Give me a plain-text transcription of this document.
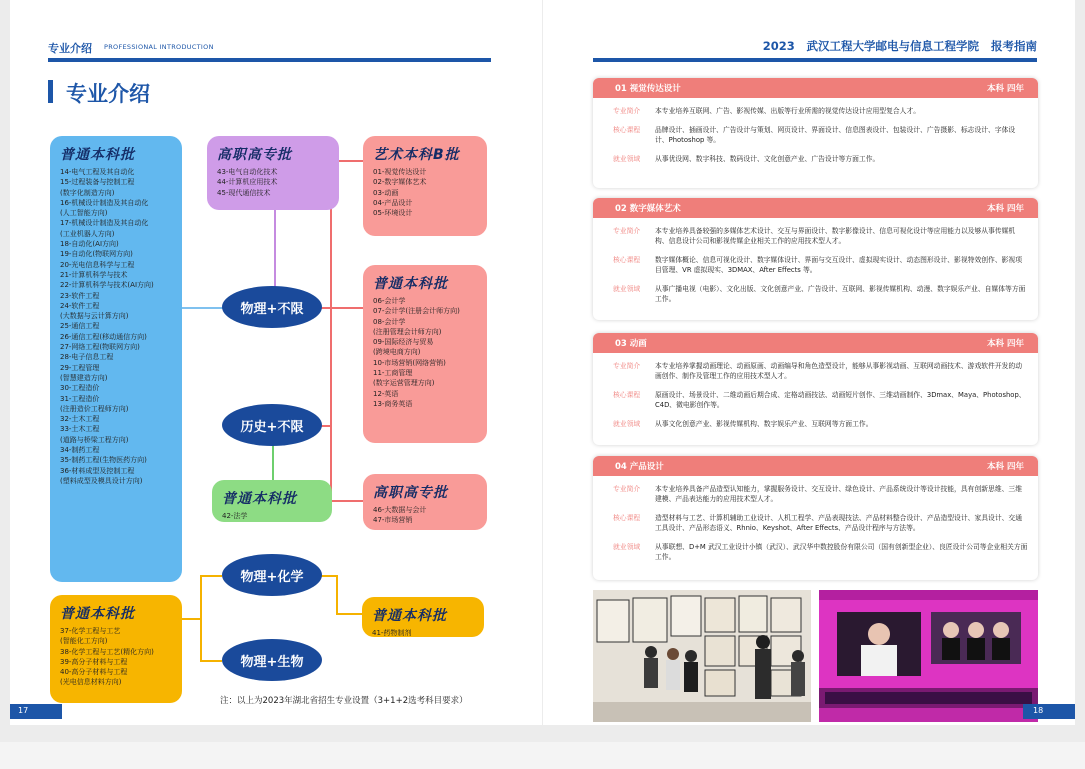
专业介绍 PROFESSIONAL INTRODUCTION
专业介绍
普通本科批
14-电气工程及其自动化
15-过程装备与控制工程
(数字化制造方向)
16-机械设计制造及其自动化
(人工智能方向)
17-机械设计制造及其自动化
(工业机器人方向)
18-自动化(AI方向)
19-自动化(物联网方向)
20-光电信息科学与工程
21-计算机科学与技术
22-计算机科学与技术(AI方向)
23-软件工程
24-软件工程
(大数据与云计算方向)
25-通信工程
26-通信工程(移动通信方向)
27-网络工程(物联网方向)
28-电子信息工程
29-工程管理
(智慧建造方向)
30-工程造价
31-工程造价
(注册造价工程师方向)
32-土木工程
33-土木工程
(道路与桥梁工程方向)
34-制药工程
35-制药工程(生物医药方向)
36-材料成型及控制工程
(塑料成型及模具设计方向)
高职高专批
43-电气自动化技术
44-计算机应用技术
45-现代通信技术
艺术本科B批
01-视觉传达设计
02-数字媒体艺术
03-动画
04-产品设计
05-环境设计
普通本科批
06-会计学
07-会计学(注册会计师方向)
08-会计学
(注册管理会计师方向)
09-国际经济与贸易
(跨境电商方向)
10-市场营销(网络营销)
11-工商管理
(数字运营管理方向)
12-英语
13-商务英语
高职高专批
46-大数据与会计
47-市场营销
普通本科批
42-法学
普通本科批
37-化学工程与工艺
(智能化工方向)
38-化学工程与工艺(精化方向)
39-高分子材料与工程
40-高分子材料与工程
(光电信息材料方向)
普通本科批
41-药物制剂
物理+不限
历史+不限
物理+化学
物理+生物
注：以上为2023年湖北省招生专业设置（3+1+2选考科目要求）
17
2023 武汉工程大学邮电与信息工程学院 报考指南
01 视觉传达设计	本科 四年
专业简介 本专业培养互联网、广告、影视传媒、出版等行业所需的视觉传达设计应用型复合人才。
核心课程 品牌设计、插画设计、广告设计与策划、网页设计、界面设计、信息图表设计、包装设计、广告摄影、标志设计、字体设计、Photoshop 等。
就业领域 从事优设网、数字科技、数码设计、文化创意产业、广告设计等方面工作。
02 数字媒体艺术	本科 四年
专业简介 本专业培养具备较强的多媒体艺术设计、交互与界面设计、数字影像设计、信息可视化设计等应用能力以及够从事传媒机构、信息设计公司和影视传媒企业相关工作的应用技术型人才。
核心课程 数字媒体概论、信息可视化设计、数字媒体设计、界面与交互设计、虚拟现实设计、动态图形设计、影视特效创作、影视项目管理、VR 虚拟现实、3DMAX、After Effects 等。
就业领域 从事广播电视（电影）、文化出版、文化创意产业、广告设计、互联网、影视传媒机构、动漫、数字娱乐产业、自媒体等方面工作。
03 动画	本科 四年
专业简介 本专业培养掌握动画理论、动画原画、动画编导和角色造型设计，能够从事影视动画、互联网动画技术、游戏软件开发的动画创作、制作及管理工作的应用技术型人才。
核心课程 原画设计、场景设计、二维动画后期合成、定格动画技法、动画短片创作、三维动画制作、3Dmax、Maya、Photoshop、C4D、微电影创作等。
就业领域 从事文化创意产业、影视传媒机构、数字娱乐产业、互联网等方面工作。
04 产品设计	本科 四年
专业简介 本专业培养具备产品造型认知能力，掌握服务设计、交互设计、绿色设计、产品系统设计等设计技能，具有创新思维、三维建模、产品表达能力的应用技术型人才。
核心课程 造型材料与工艺、计算机辅助工业设计、人机工程学、产品表现技法、产品材料整合设计、产品造型设计、家具设计、交通工具设计、产品形态语义、Rhnio、Keyshot、After Effects、产品设计程序与方法等。
就业领域 从事联想、D+M 武汉工业设计小镇（武汉）、武汉华中数控股份有限公司（国有创新型企业）、良匠设计公司等企业相关方面工作。
18
